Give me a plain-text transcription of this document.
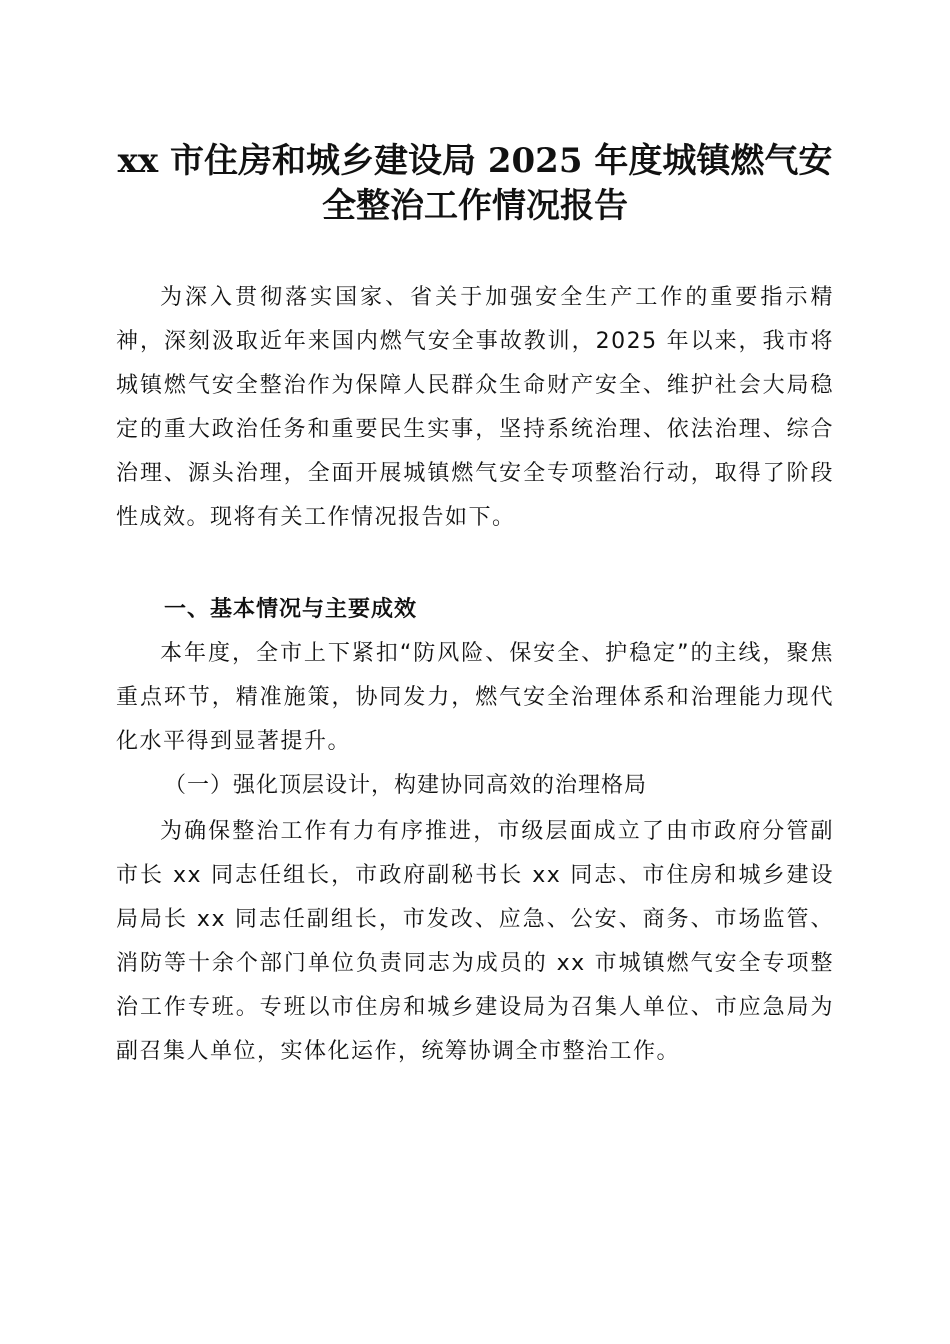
xx 市住房和城乡建设局 2025 年度城镇燃气安
全整治工作情况报告

为深入贯彻落实国家、省关于加强安全生产工作的重要指示精神，深刻汲取近年来国内燃气安全事故教训，2025 年以来，我市将城镇燃气安全整治作为保障人民群众生命财产安全、维护社会大局稳定的重大政治任务和重要民生实事，坚持系统治理、依法治理、综合治理、源头治理，全面开展城镇燃气安全专项整治行动，取得了阶段性成效。现将有关工作情况报告如下。

一、基本情况与主要成效

本年度，全市上下紧扣“防风险、保安全、护稳定”的主线，聚焦重点环节，精准施策，协同发力，燃气安全治理体系和治理能力现代化水平得到显著提升。

（一）强化顶层设计，构建协同高效的治理格局

为确保整治工作有力有序推进，市级层面成立了由市政府分管副市长 xx 同志任组长，市政府副秘书长 xx 同志、市住房和城乡建设局局长 xx 同志任副组长，市发改、应急、公安、商务、市场监管、消防等十余个部门单位负责同志为成员的 xx 市城镇燃气安全专项整治工作专班。专班以市住房和城乡建设局为召集人单位、市应急局为副召集人单位，实体化运作，统筹协调全市整治工作。
